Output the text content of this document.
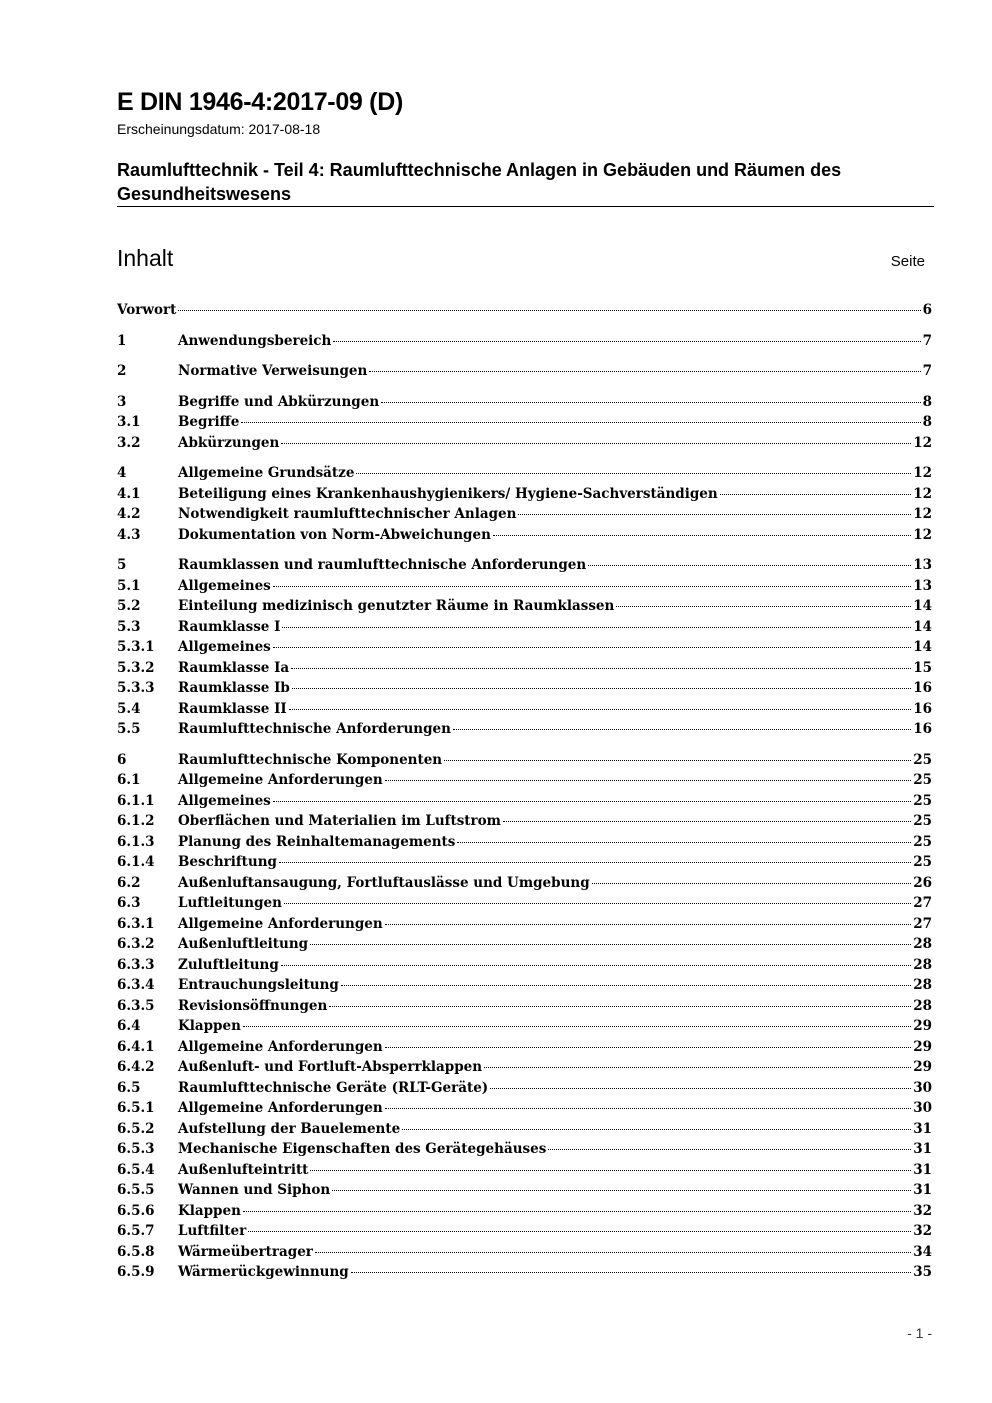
E DIN 1946-4:2017-09 (D)
Erscheinungsdatum: 2017-08-18
Raumlufttechnik - Teil 4: Raumlufttechnische Anlagen in Gebäuden und Räumen des Gesundheitswesens
Inhalt	Seite
Vorwort	6
1	Anwendungsbereich	7
2	Normative Verweisungen	7
3	Begriffe und Abkürzungen	8
3.1	Begriffe	8
3.2	Abkürzungen	12
4	Allgemeine Grundsätze	12
4.1	Beteiligung eines Krankenhaushygienikers/ Hygiene-Sachverständigen	12
4.2	Notwendigkeit raumlufttechnischer Anlagen	12
4.3	Dokumentation von Norm-Abweichungen	12
5	Raumklassen und raumlufttechnische Anforderungen	13
5.1	Allgemeines	13
5.2	Einteilung medizinisch genutzter Räume in Raumklassen	14
5.3	Raumklasse I	14
5.3.1	Allgemeines	14
5.3.2	Raumklasse Ia	15
5.3.3	Raumklasse Ib	16
5.4	Raumklasse II	16
5.5	Raumlufttechnische Anforderungen	16
6	Raumlufttechnische Komponenten	25
6.1	Allgemeine Anforderungen	25
6.1.1	Allgemeines	25
6.1.2	Oberflächen und Materialien im Luftstrom	25
6.1.3	Planung des Reinhaltemanagements	25
6.1.4	Beschriftung	25
6.2	Außenluftansaugung, Fortluftauslässe und Umgebung	26
6.3	Luftleitungen	27
6.3.1	Allgemeine Anforderungen	27
6.3.2	Außenluftleitung	28
6.3.3	Zuluftleitung	28
6.3.4	Entrauchungsleitung	28
6.3.5	Revisionsöffnungen	28
6.4	Klappen	29
6.4.1	Allgemeine Anforderungen	29
6.4.2	Außenluft- und Fortluft-Absperrklappen	29
6.5	Raumlufttechnische Geräte (RLT-Geräte)	30
6.5.1	Allgemeine Anforderungen	30
6.5.2	Aufstellung der Bauelemente	31
6.5.3	Mechanische Eigenschaften des Gerätegehäuses	31
6.5.4	Außenlufteintritt	31
6.5.5	Wannen und Siphon	31
6.5.6	Klappen	32
6.5.7	Luftfilter	32
6.5.8	Wärmeübertrager	34
6.5.9	Wärmerückgewinnung	35
- 1 -
